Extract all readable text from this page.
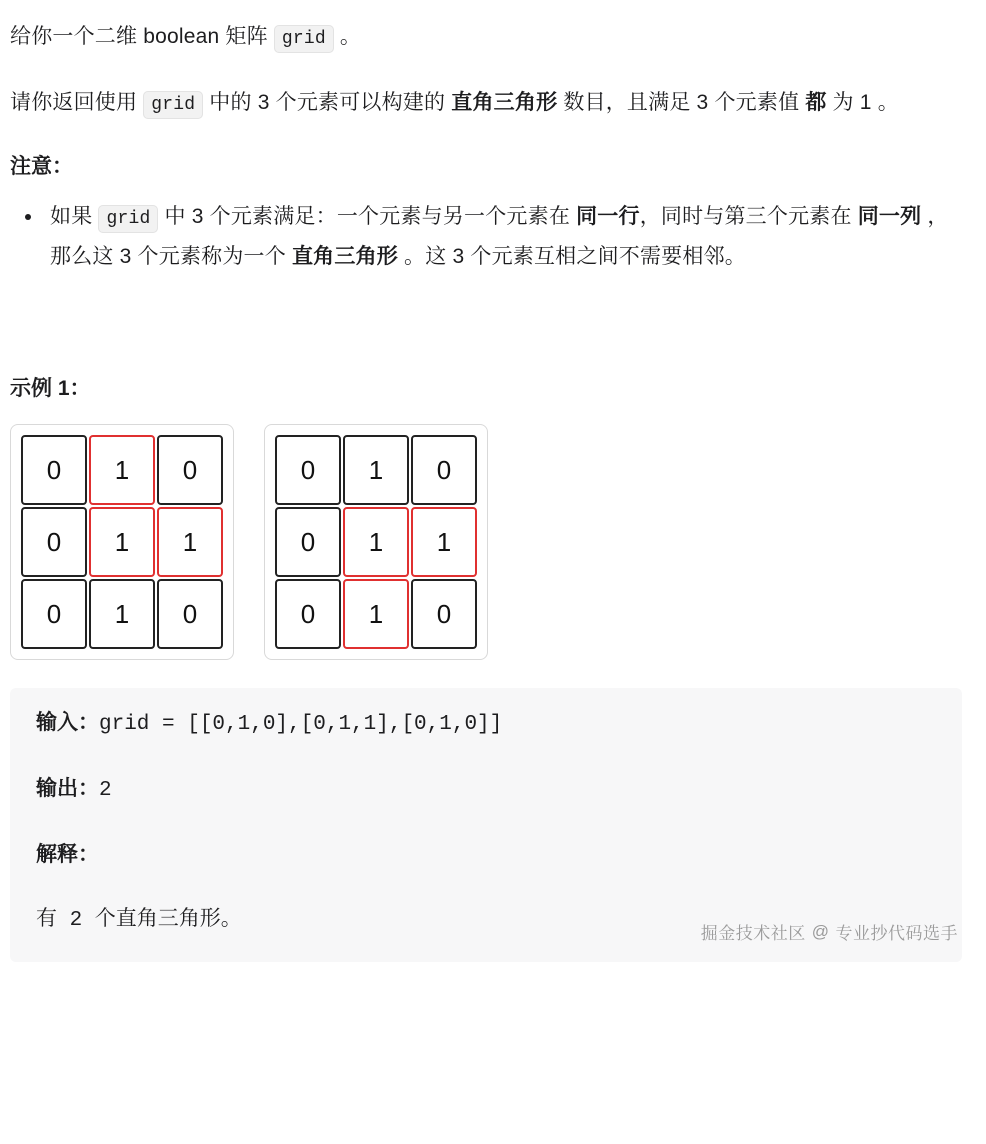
给你一个二维 boolean 矩阵 grid 。

请你返回使用 grid 中的 3 个元素可以构建的 直角三角形 数目，且满足 3 个元素值 都 为 1 。

注意：
• 如果 grid 中 3 个元素满足：一个元素与另一个元素在 同一行，同时与第三个元素在 同一列 ，那么这 3 个元素称为一个 直角三角形 。这 3 个元素互相之间不需要相邻。
示例 1：
0	1	0
0	1	1
0	1	0
0	1	0
0	1	1
0	1	0

输入：grid = [[0,1,0],[0,1,1],[0,1,0]]

输出：2

解释：

有 2 个直角三角形。

掘金技术社区 @ 专业抄代码选手
